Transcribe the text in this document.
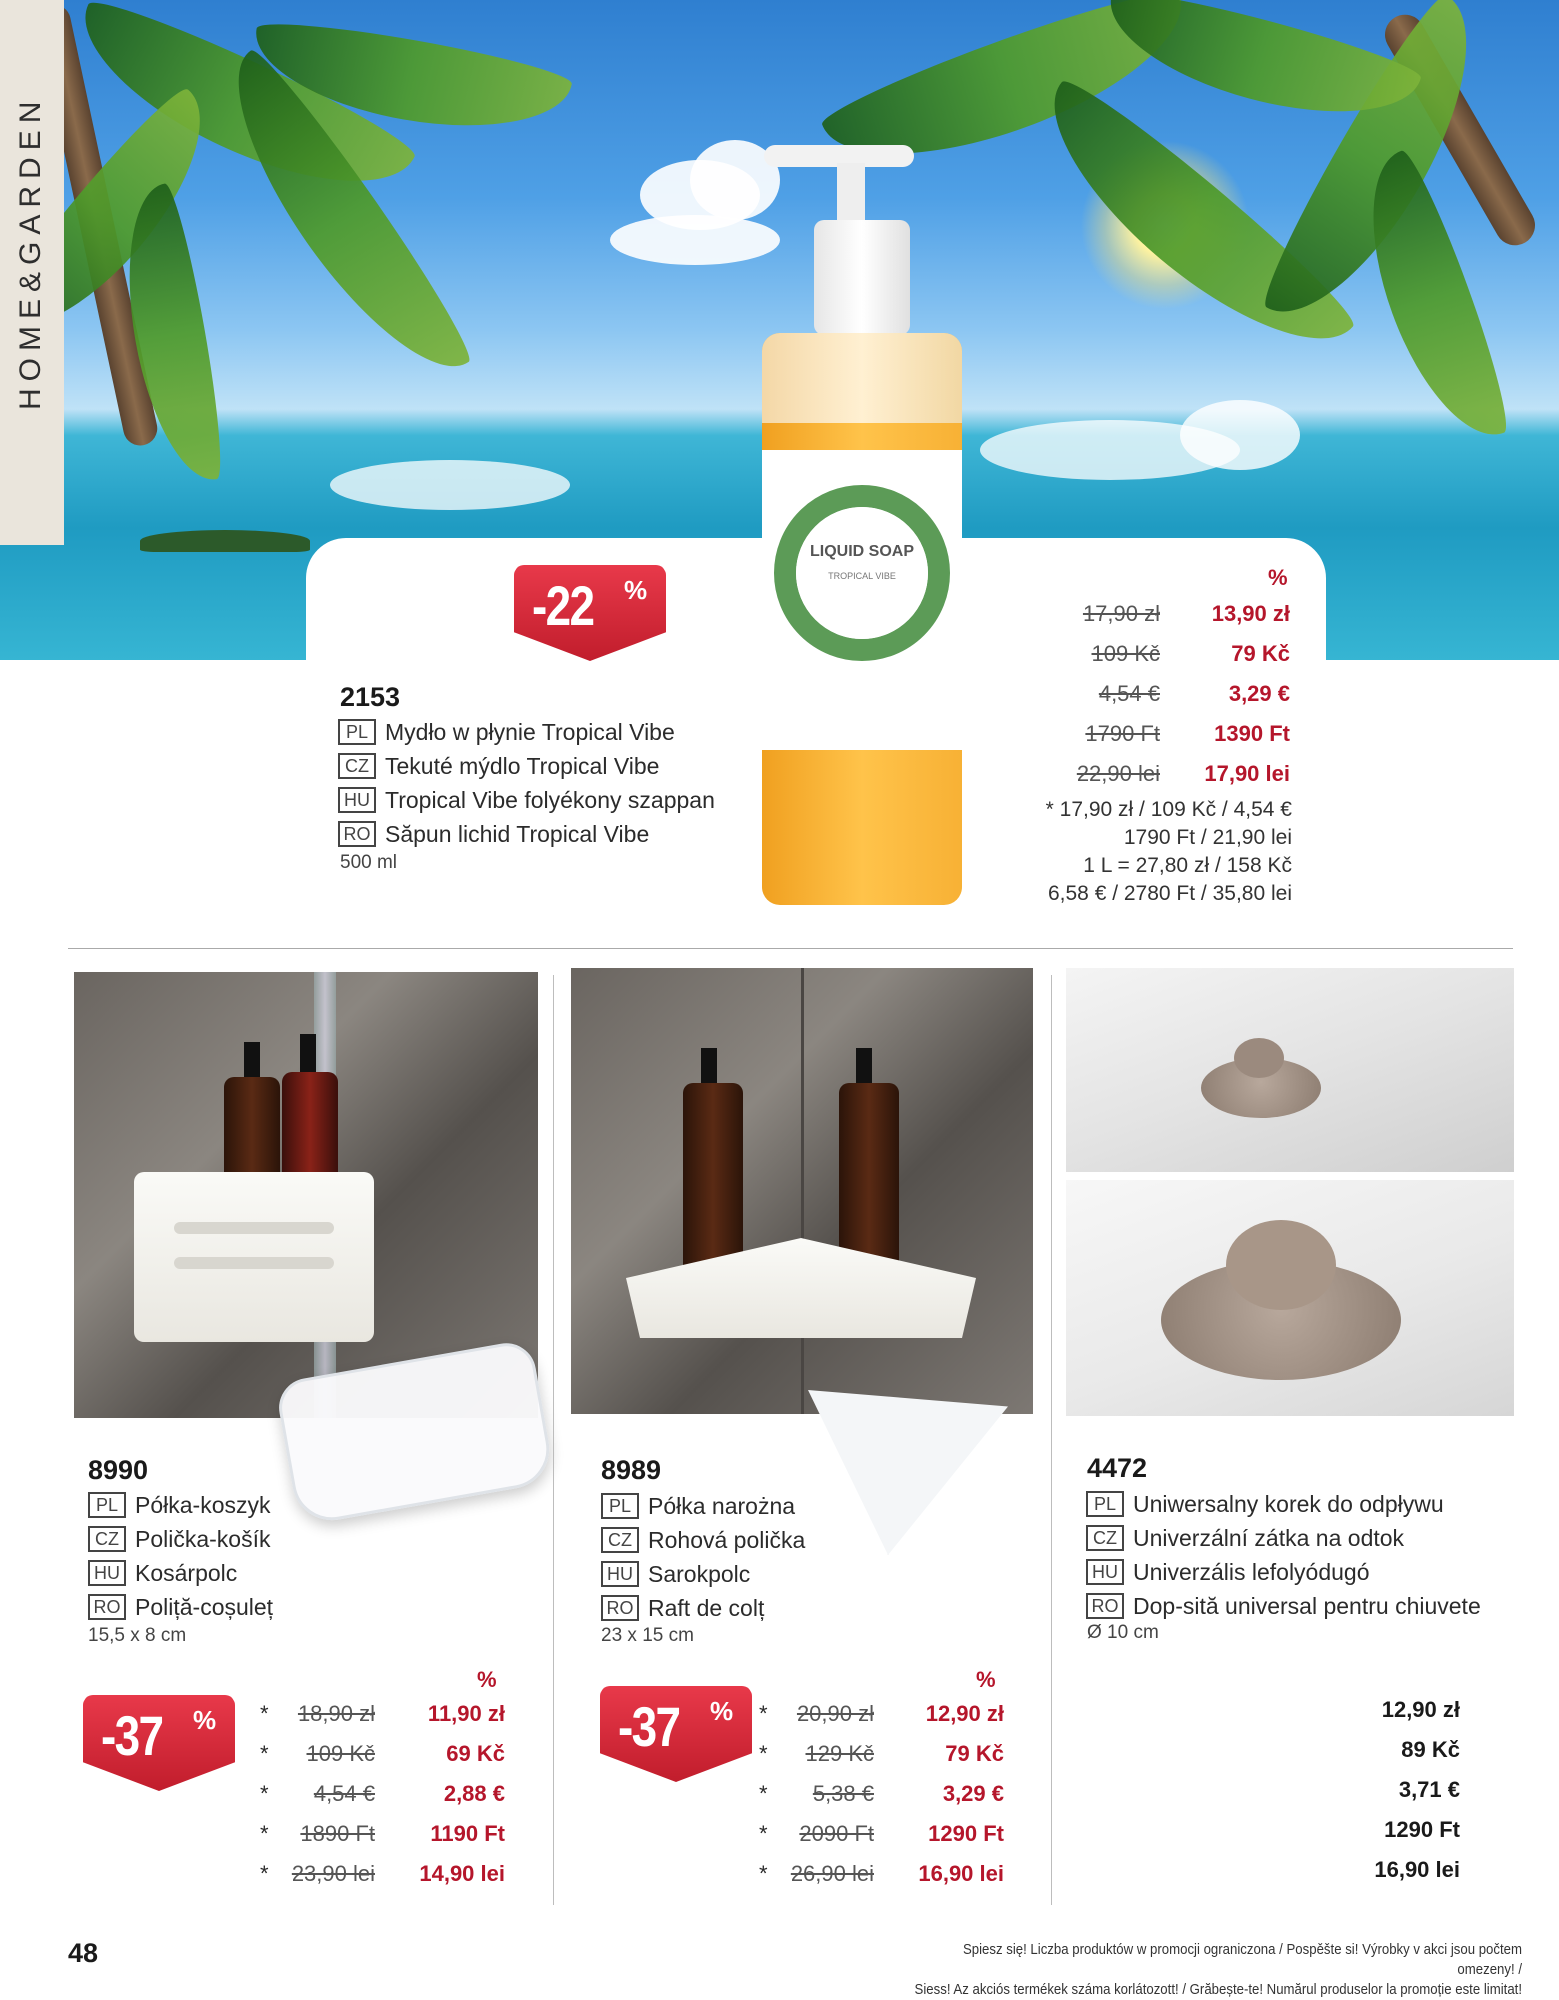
HOME&GARDEN
LIQUID SOAP
TROPICAL VIBE
-22 %
2153
PL Mydło w płynie Tropical Vibe
CZ Tekuté mýdlo Tropical Vibe
HU Tropical Vibe folyékony szappan
RO Săpun lichid Tropical Vibe
500 ml
%
17,90 zł	13,90 zł
109 Kč	79 Kč
4,54 €	3,29 €
1790 Ft	1390 Ft
22,90 lei	17,90 lei
* 17,90 zł / 109 Kč / 4,54 €
1790 Ft / 21,90 lei
1 L = 27,80 zł / 158 Kč
6,58 € / 2780 Ft / 35,80 lei
8990
PL Półka-koszyk
CZ Polička-košík
HU Kosárpolc
RO Poliță-coșuleț
15,5 x 8 cm
-37 %
%
*	18,90 zł	11,90 zł
*	109 Kč	69 Kč
*	4,54 €	2,88 €
*	1890 Ft	1190 Ft
*	23,90 lei	14,90 lei
8989
PL Półka narożna
CZ Rohová polička
HU Sarokpolc
RO Raft de colț
23 x 15 cm
-37 %
%
*	20,90 zł	12,90 zł
*	129 Kč	79 Kč
*	5,38 €	3,29 €
*	2090 Ft	1290 Ft
*	26,90 lei	16,90 lei
4472
PL Uniwersalny korek do odpływu
CZ Univerzální zátka na odtok
HU Univerzális lefolyódugó
RO Dop-sită universal pentru chiuvete
Ø 10 cm
12,90 zł
89 Kč
3,71 €
1290 Ft
16,90 lei
48	Spiesz się! Liczba produktów w promocji ograniczona / Pospěšte si! Výrobky v akci jsou počtem omezeny! /
Siess! Az akciós termékek száma korlátozott! / Grăbește-te! Numărul produselor la promoție este limitat!
